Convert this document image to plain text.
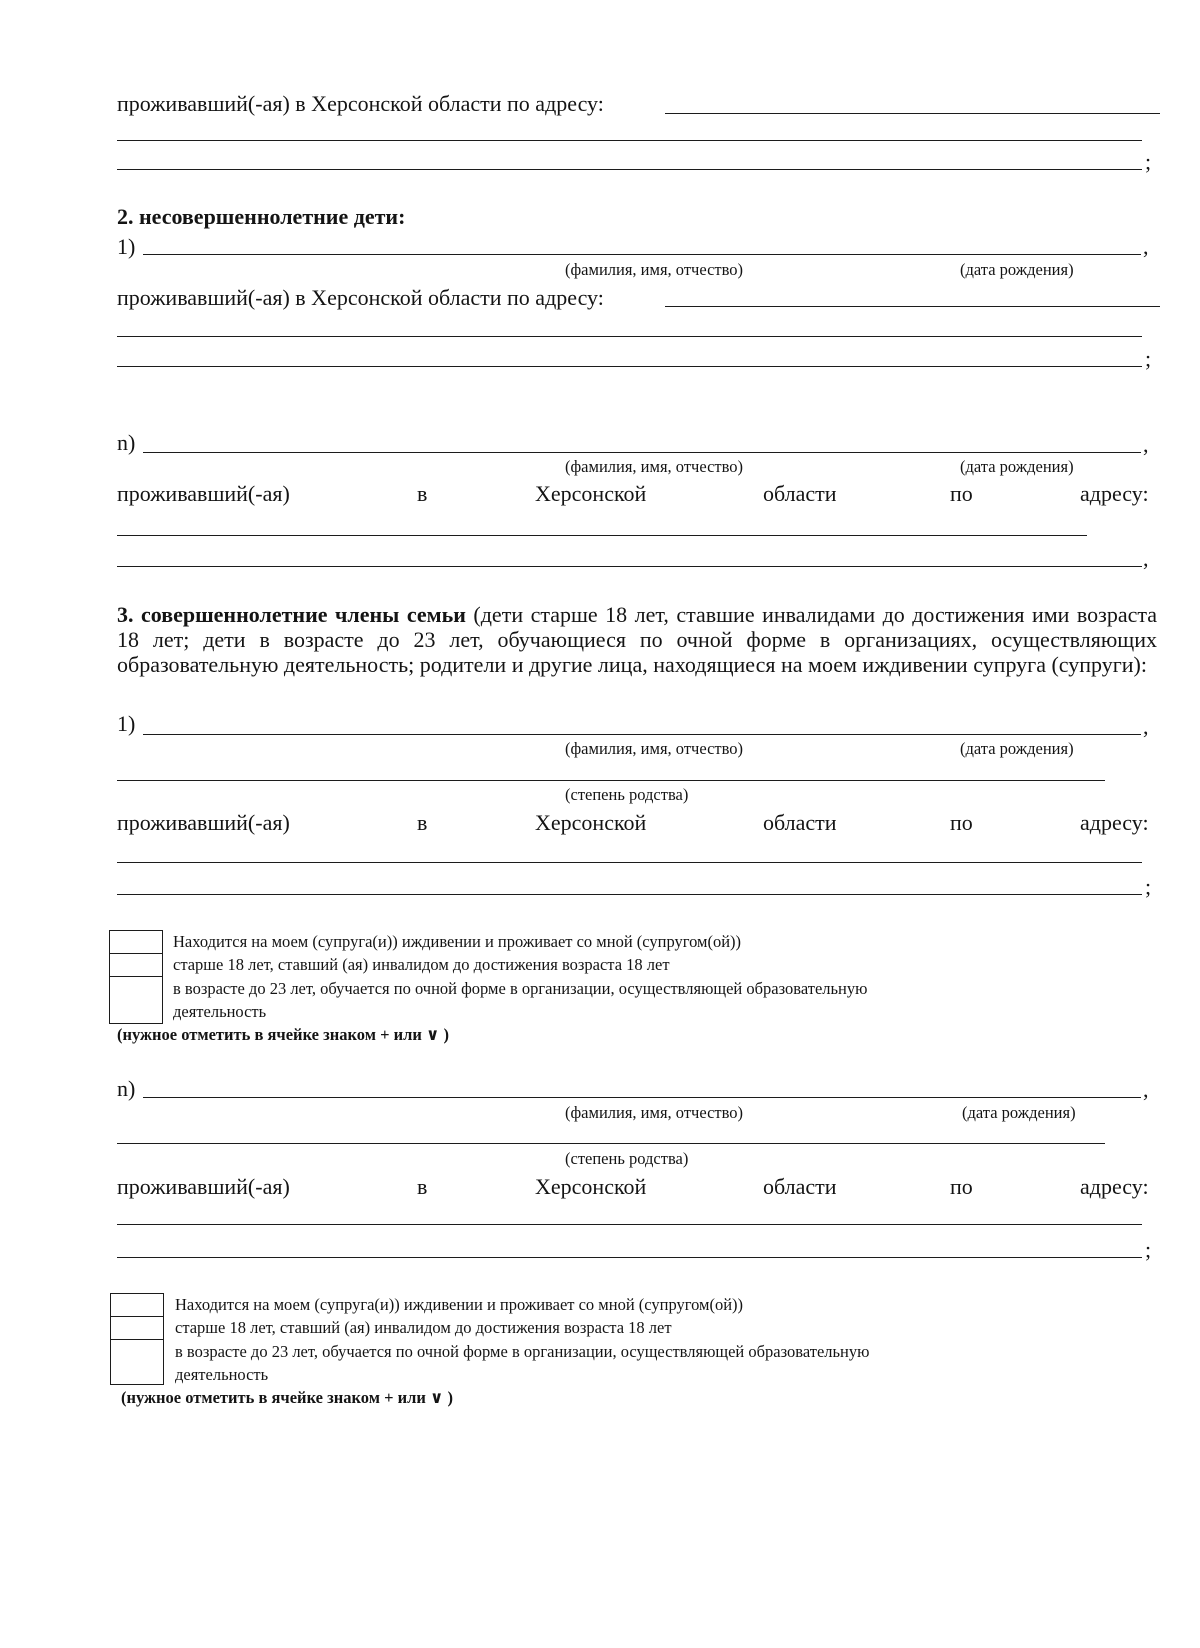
проживавший(-ая) в Херсонской области по адресу:
;
2. несовершеннолетние дети:
1)	,
(фамилия, имя, отчество)	(дата рождения)
проживавший(-ая) в Херсонской области по адресу:
;
n)	,
(фамилия, имя, отчество)	(дата рождения)
проживавший(-ая)	в	Херсонской	области	по	адресу:
,
3. совершеннолетние члены семьи (дети старше 18 лет, ставшие инвалидами до достижения ими возраста 18 лет; дети в возрасте до 23 лет, обучающиеся по очной форме в организациях, осуществляющих образовательную деятельность; родители и другие лица, находящиеся на моем иждивении супруга (супруги):
1)	,
(фамилия, имя, отчество)	(дата рождения)
(степень родства)
проживавший(-ая)	в	Херсонской	области	по	адресу:
;
Находится на моем (супруга(и)) иждивении и проживает со мной (супругом(ой))
старше 18 лет, ставший (ая) инвалидом до достижения возраста 18 лет
в возрасте до 23 лет, обучается по очной форме в организации, осуществляющей образовательную
деятельность
(нужное отметить в ячейке знаком + или ∨ )
n)	,
(фамилия, имя, отчество)	(дата рождения)
(степень родства)
проживавший(-ая)	в	Херсонской	области	по	адресу:
;
Находится на моем (супруга(и)) иждивении и проживает со мной (супругом(ой))
старше 18 лет, ставший (ая) инвалидом до достижения возраста 18 лет
в возрасте до 23 лет, обучается по очной форме в организации, осуществляющей образовательную
деятельность
(нужное отметить в ячейке знаком + или ∨ )
